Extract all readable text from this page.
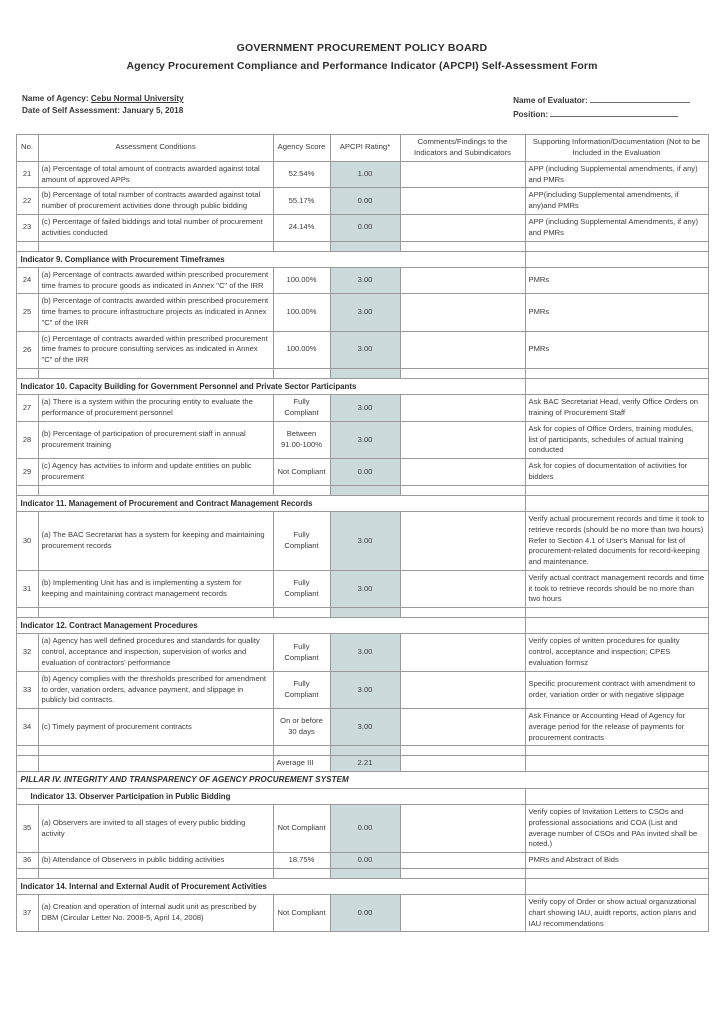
GOVERNMENT PROCUREMENT POLICY BOARD
Agency Procurement Compliance and Performance Indicator (APCPI) Self-Assessment Form
Name of Agency: Cebu Normal University
Date of Self Assessment: January 5, 2018
Name of Evaluator:
Position:
No.	Assessment Conditions	Agency Score	APCPI Rating*	Comments/Findings to the Indicators and Subindicators	Supporting Information/Documentation (Not to be Included in the Evaluation
21	(a) Percentage of total amount of contracts awarded against total amount of approved APPs	52.54%	1.00		APP (including Supplemental amendments, if any) and PMRs
22	(b) Percentage of total number of contracts awarded against total number of procurement activities done through public bidding	55.17%	0.00		APP(including Supplemental amendments, if any)and PMRs
23	(c) Percentage of failed biddings and total number of procurement activities conducted	24.14%	0.00		APP (including Supplemental Amendments, if any) and PMRs

Indicator 9. Compliance with Procurement Timeframes					
24	(a) Percentage of contracts awarded within prescribed procurement time frames to procure goods as indicated in Annex "C" of the IRR	100.00%	3.00		PMRs
25	(b) Percentage of contracts awarded within prescribed procurement time frames to procure infrastructure projects as indicated in Annex "C" of the IRR	100.00%	3.00		PMRs
26	(c) Percentage of contracts awarded within prescribed procurement time frames to procure consulting services as indicated in Annex "C" of the IRR	100.00%	3.00		PMRs

Indicator 10. Capacity Building for Government Personnel and Private Sector Participants					
27	(a) There is a system within the procuring entity to evaluate the performance of procurement personnel	Fully Compliant	3.00		Ask BAC Secretariat Head, verify Office Orders on training of Procurement Staff
28	(b) Percentage of participation of procurement staff in annual procurement training	Between 91.00-100%	3.00		Ask for copies of Office Orders, training modules, list of participants, schedules of actual training conducted
29	(c) Agency has actvities to inform and update entities on public procurement	Not Compliant	0.00		Ask for copies of documentation of activities for bidders

Indicator 11. Management of Procurement and Contract Management Records					
30	(a) The BAC Secretariat has a system for keeping and maintaining procurement records	Fully Compliant	3.00		Verify actual procurement records and time it took to retrieve records (should be no more than two hours) Refer to Section 4.1 of User's Manual for list of procurement-related documents for record-keeping and maintenance.
31	(b) Implementing Unit has and is implementing a system for keeping and maintaining contract management records	Fully Compliant	3.00		Verify actual contract management records and time it took to retrieve records should be no more than two hours

Indicator 12. Contract Management Procedures					
32	(a) Agency has well defined procedures and standards for quality control, acceptance and inspection, supervision of works and evaluation of contractors' performance	Fully Compliant	3.00		Verify copies of written procedures for quality control, acceptance and inspection; CPES evaluation formsz
33	(b) Agency complies with the thresholds prescribed for amendment to order, variation orders, advance payment, and slippage in publicly bid contracts.	Fully Compliant	3.00		Specific procurement contract with amendment to order, variation order or with negative slippage
34	(c) Timely payment of procurement contracts	On or before 30 days	3.00		Ask Finance or Accounting Head of Agency for average period for the release of payments for procurement contracts

		Average III	2.21		
PILLAR IV. INTEGRITY AND TRANSPARENCY OF AGENCY PROCUREMENT SYSTEM					
Indicator 13. Observer Participation in Public Bidding					
35	(a) Observers are invited to all stages of every public bidding activity	Not Compliant	0.00		Verify copies of Invitation Letters to CSOs and professional associations and COA (List and average number of CSOs and PAs invited shall be noted.)
36	(b) Attendance of Observers in public bidding activities	18.75%	0.00		PMRs and Abstract of Bids

Indicator 14. Internal and External Audit of Procurement Activities					
37	(a) Creation and operation of internal audit unit as prescribed by DBM (Circular Letter No. 2008-5, April 14, 2008)	Not Compliant	0.00		Verify copy of Order or show actual organizational chart showing IAU, auidt reports, action plans and IAU recommendations
